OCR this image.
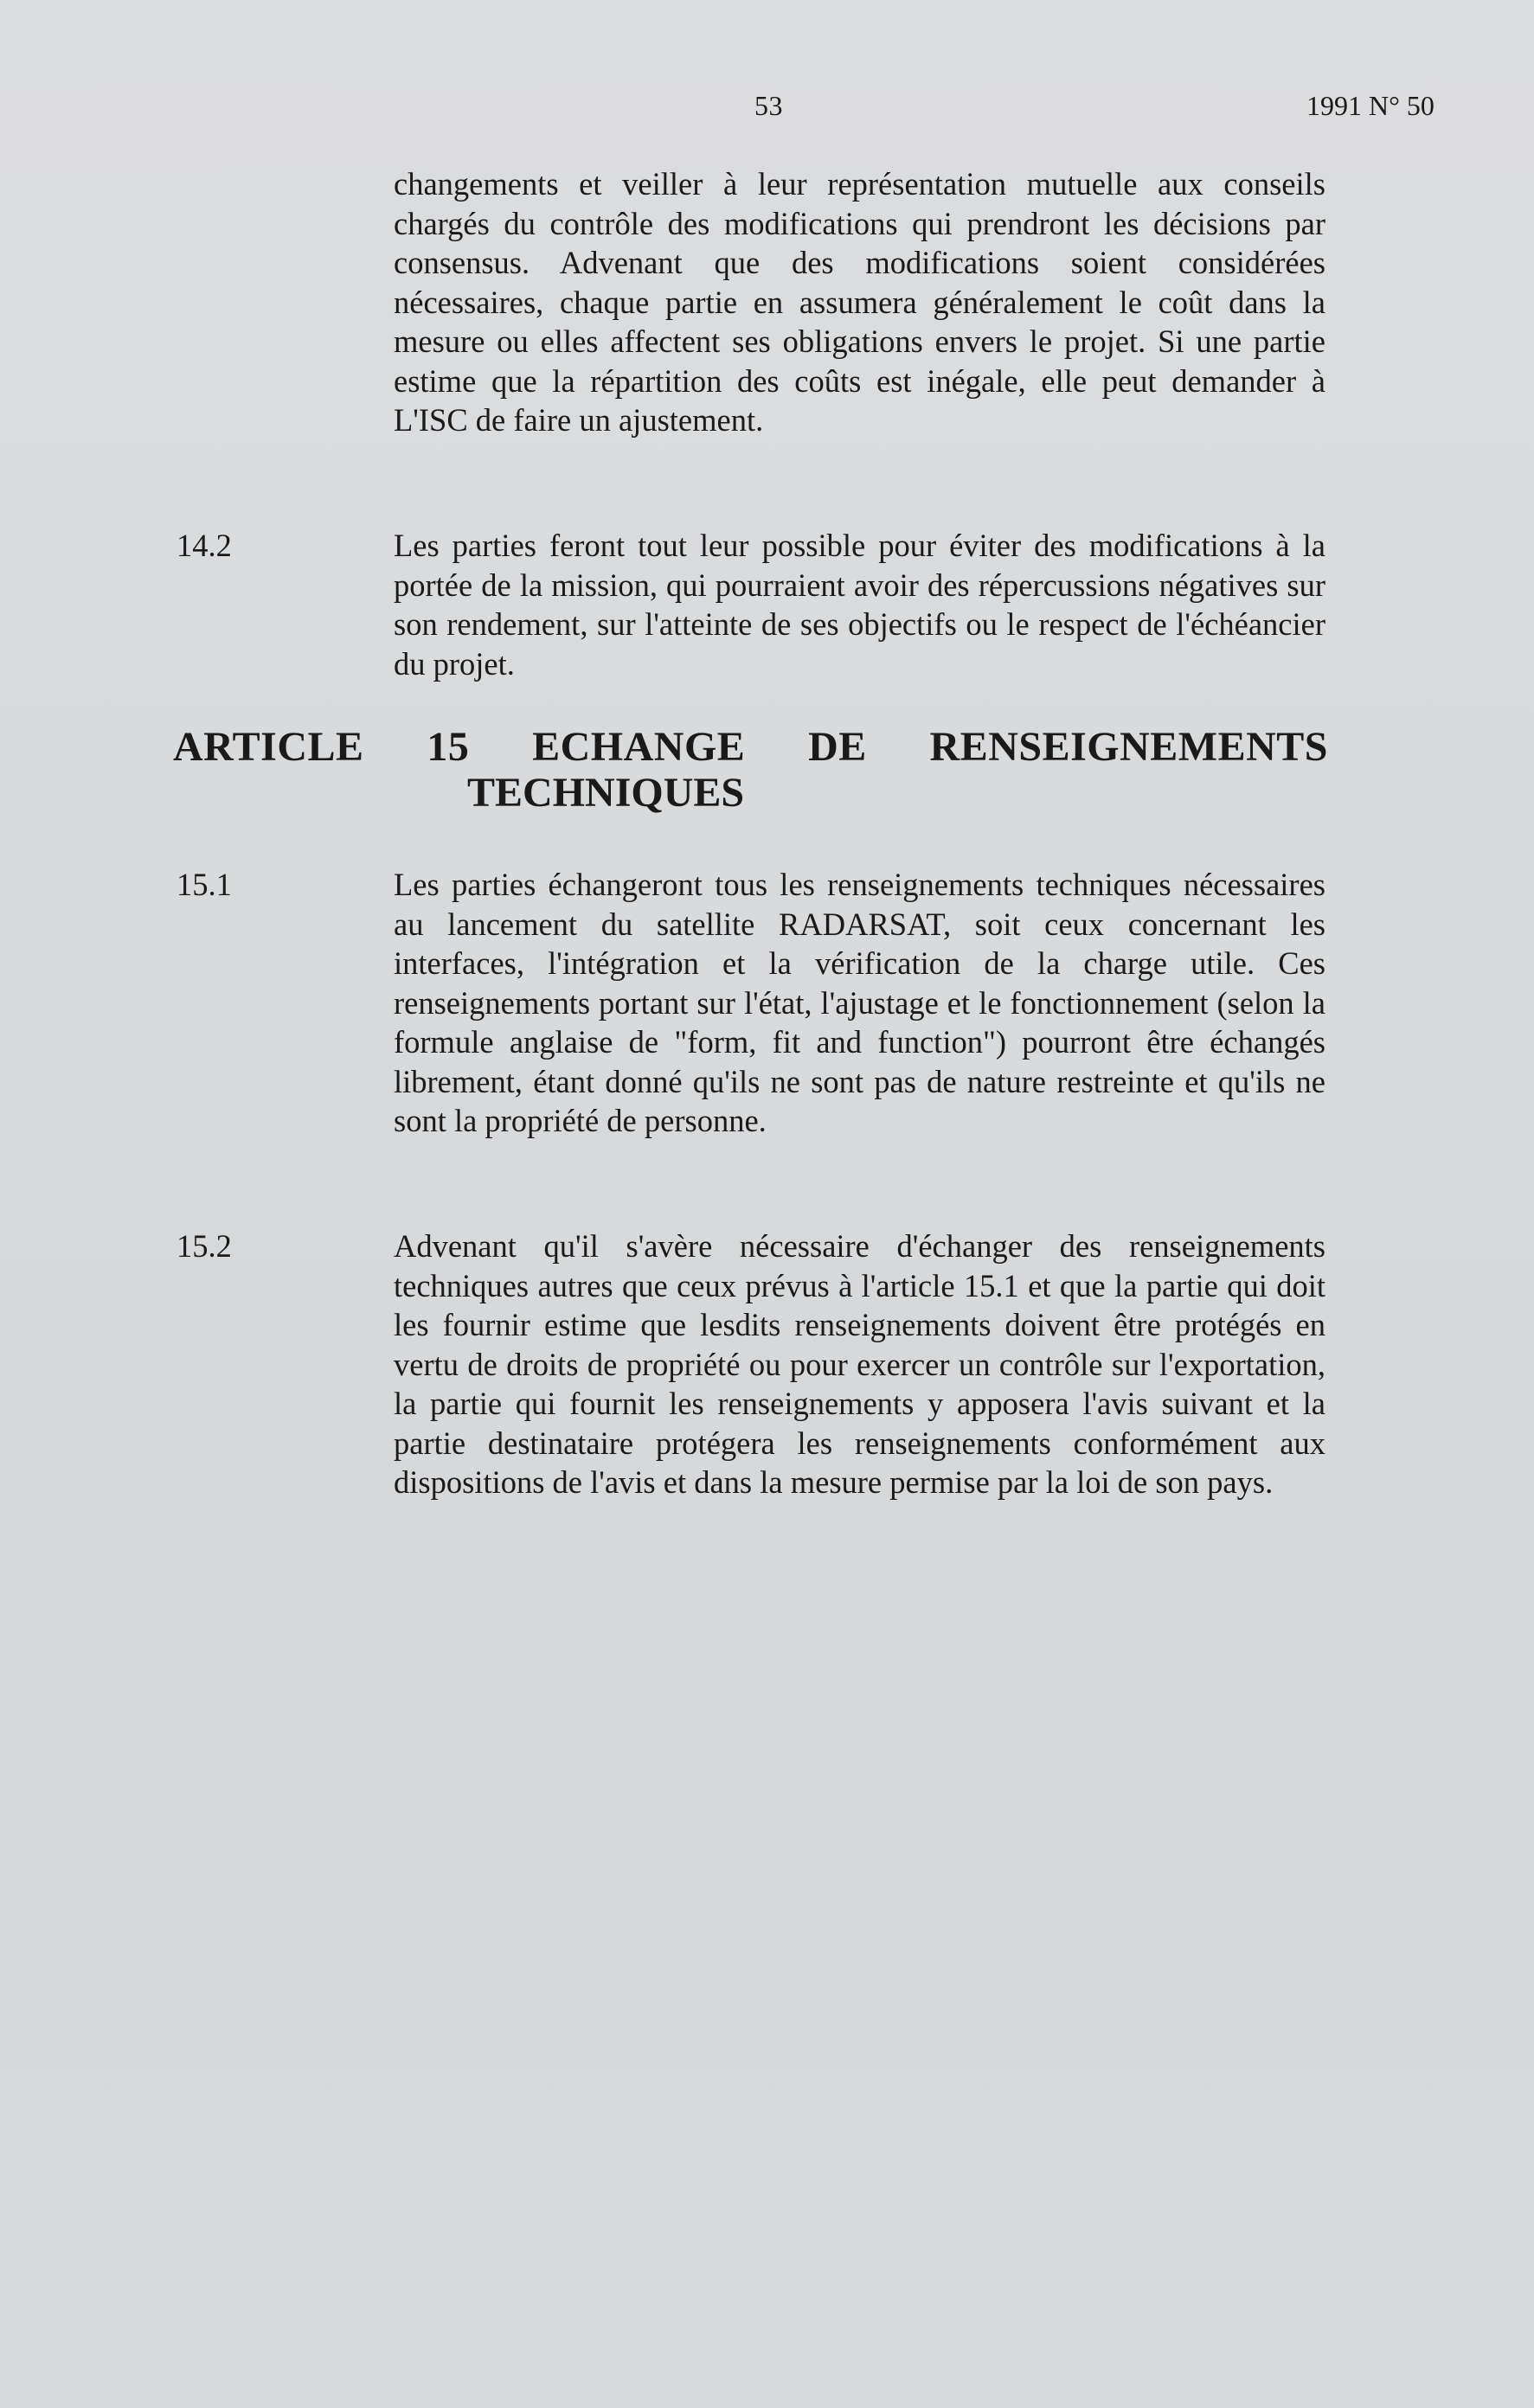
53	1991 N° 50
changements et veiller à leur représentation mutuelle aux conseils chargés du contrôle des modifications qui prendront les décisions par consensus. Advenant que des modifications soient considérées nécessaires, chaque partie en assumera généralement le coût dans la mesure ou elles affectent ses obligations envers le projet. Si une partie estime que la répartition des coûts est inégale, elle peut demander à L'ISC de faire un ajustement.
14.2	Les parties feront tout leur possible pour éviter des modifications à la portée de la mission, qui pourraient avoir des répercussions négatives sur son rendement, sur l'atteinte de ses objectifs ou le respect de l'échéancier du projet.
ARTICLE 15 ECHANGE DE RENSEIGNEMENTS
TECHNIQUES
15.1	Les parties échangeront tous les renseignements techniques nécessaires au lancement du satellite RADARSAT, soit ceux concernant les interfaces, l'intégration et la vérification de la charge utile. Ces renseignements portant sur l'état, l'ajustage et le fonctionnement (selon la formule anglaise de "form, fit and function") pourront être échangés librement, étant donné qu'ils ne sont pas de nature restreinte et qu'ils ne sont la propriété de personne.
15.2	Advenant qu'il s'avère nécessaire d'échanger des renseignements techniques autres que ceux prévus à l'article 15.1 et que la partie qui doit les fournir estime que lesdits renseignements doivent être protégés en vertu de droits de propriété ou pour exercer un contrôle sur l'exportation, la partie qui fournit les renseignements y apposera l'avis suivant et la partie destinataire protégera les renseignements conformément aux dispositions de l'avis et dans la mesure permise par la loi de son pays.
